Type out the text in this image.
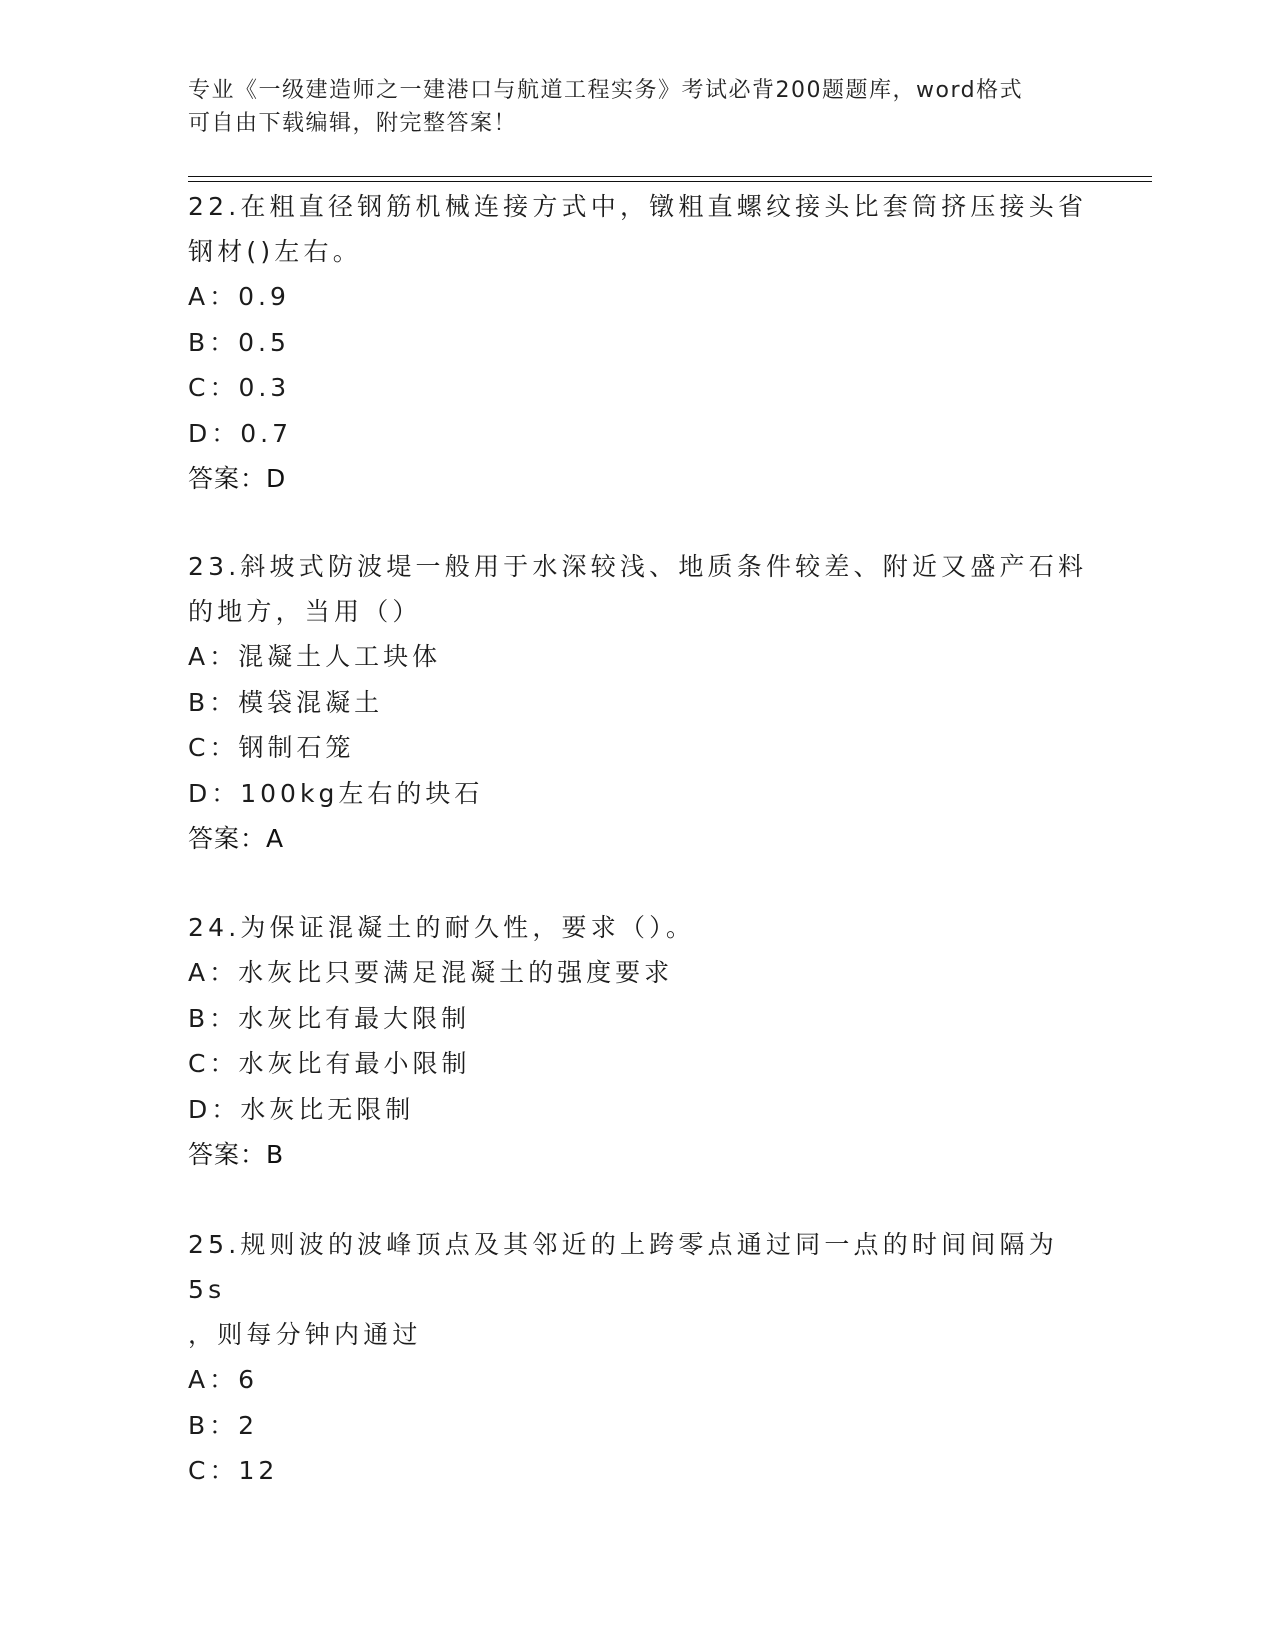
专业《一级建造师之一建港口与航道工程实务》考试必背200题题库，word格式
可自由下载编辑，附完整答案！

22.在粗直径钢筋机械连接方式中，镦粗直螺纹接头比套筒挤压接头省

钢材()左右。

A：0.9

B：0.5

C：0.3

D：0.7

答案：D

23.斜坡式防波堤一般用于水深较浅、地质条件较差、附近又盛产石料

的地方，当用（）

A：混凝土人工块体

B：模袋混凝土

C：钢制石笼

D：100kg左右的块石

答案：A

24.为保证混凝土的耐久性，要求（）。

A：水灰比只要满足混凝土的强度要求

B：水灰比有最大限制

C：水灰比有最小限制

D：水灰比无限制

答案：B

25.规则波的波峰顶点及其邻近的上跨零点通过同一点的时间间隔为5s

，则每分钟内通过

A：6

B：2

C：12
